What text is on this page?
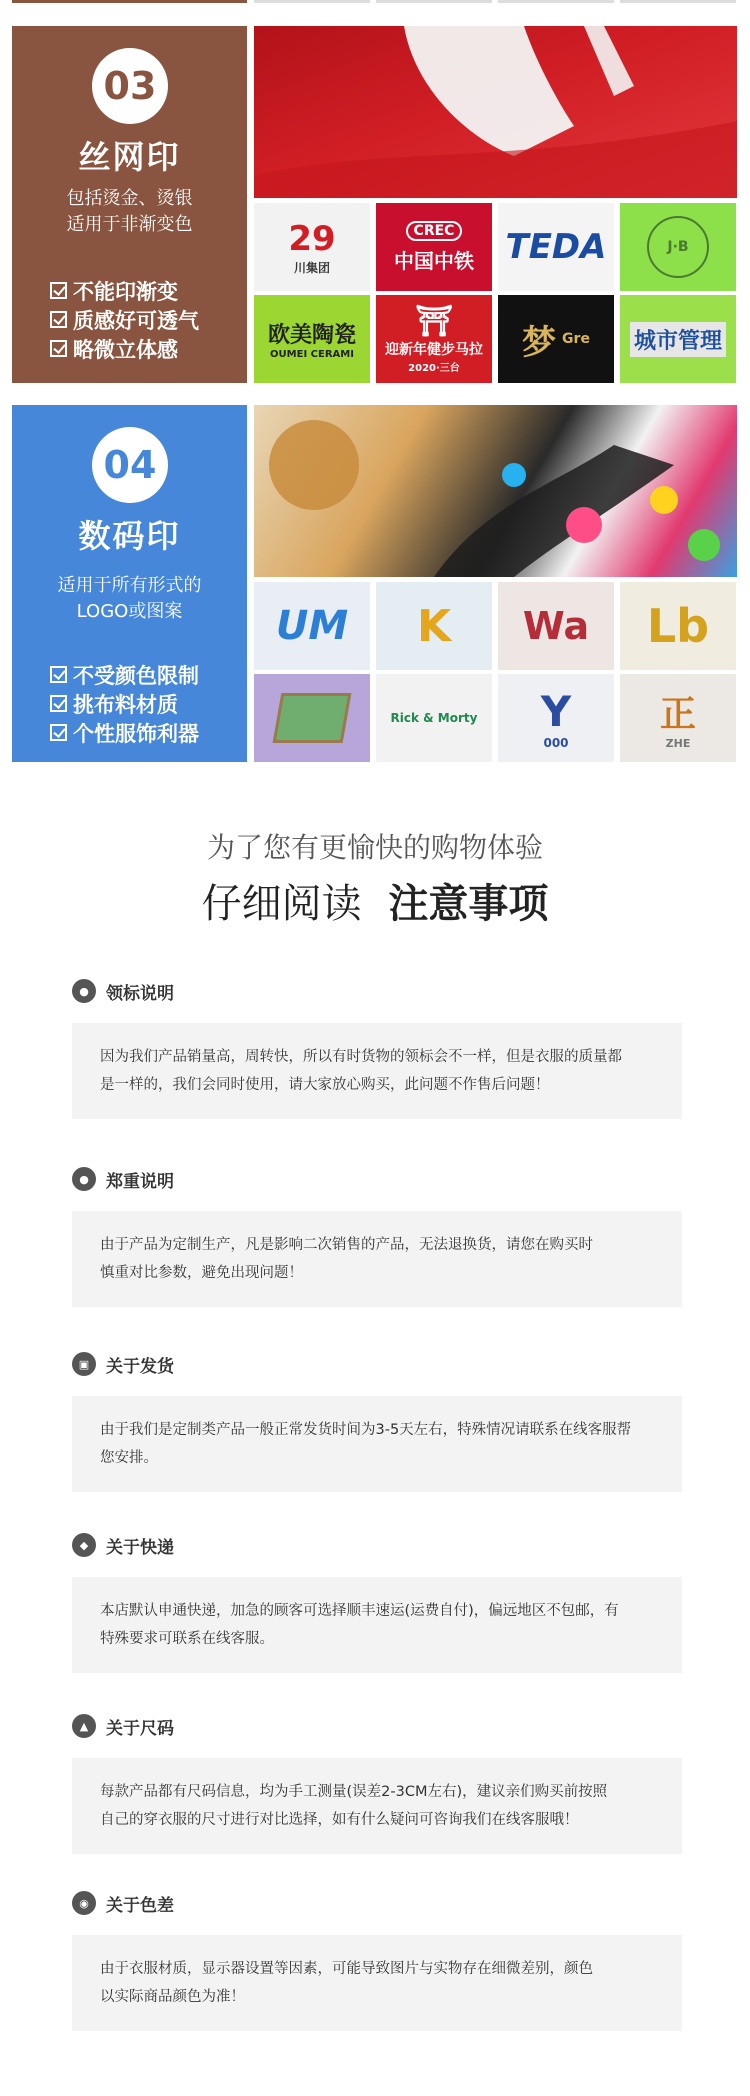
03
丝网印
包括烫金、烫银
适用于非渐变色
不能印渐变
质感好可透气
略微立体感
29
川集团
CREC
中国中铁 TEDA	J·B
欧美陶瓷
OUMEI CERAMI
⛩
迎新年健步马拉
2020·三台
梦 Gre 城市管理
04
数码印
适用于所有形式的
LOGO或图案
不受颜色限制
挑布料材质
个性服饰利器
UM K Wa Lb
Rick & Morty Y
000
正
ZHE
为了您有更愉快的购物体验
仔细阅读 注意事项
●	领标说明
因为我们产品销量高，周转快，所以有时货物的领标会不一样，但是衣服的质量都
是一样的，我们会同时使用，请大家放心购买，此问题不作售后问题！
●	郑重说明
由于产品为定制生产，凡是影响二次销售的产品，无法退换货，请您在购买时
慎重对比参数，避免出现问题！
▣ 关于发货
由于我们是定制类产品一般正常发货时间为3-5天左右，特殊情况请联系在线客服帮
您安排。
◆	关于快递
本店默认申通快递，加急的顾客可选择顺丰速运(运费自付)，偏远地区不包邮，有
特殊要求可联系在线客服。
▲	关于尺码
每款产品都有尺码信息，均为手工测量(误差2-3CM左右)，建议亲们购买前按照
自己的穿衣服的尺寸进行对比选择，如有什么疑问可咨询我们在线客服哦！
◉	关于色差
由于衣服材质，显示器设置等因素，可能导致图片与实物存在细微差别，颜色
以实际商品颜色为准！
